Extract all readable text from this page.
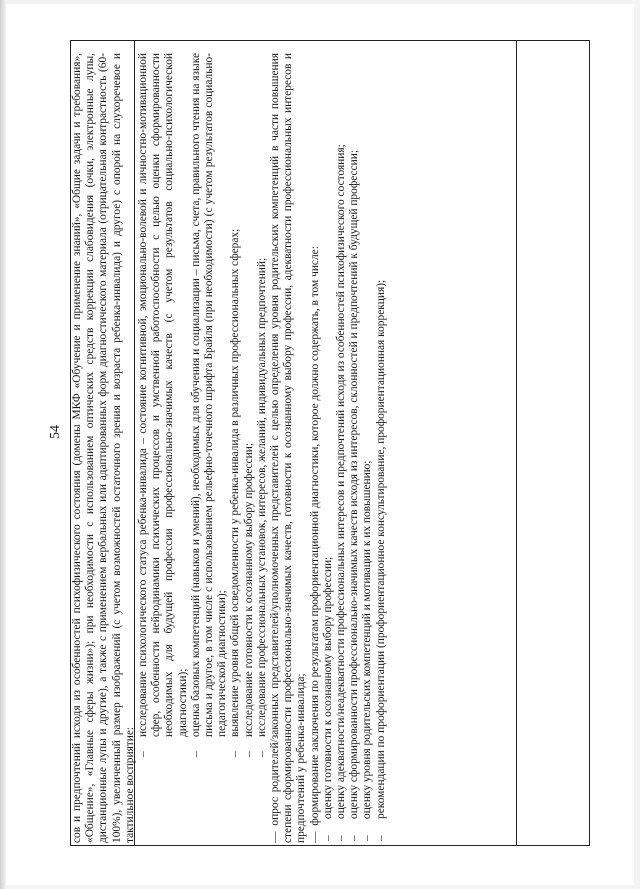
54 сов и предпочтений исходя из особенностей психофизического состояния (домены МКФ «Обучение и применение знаний», «Общие задачи и требования», «Общение», «Главные сферы жизни»); при необходимости с использованием оптических средств коррекции слабовидения (очки, электронные лупы, дистанционные лупы и другие), а также с применением вербальных или адаптированных форм диагностического материала (отрицательная контрастность (60-100%), увеличенный размер изображений (с учетом возможностей остаточного зрения и возраста ребенка-инвалида) и другое) с опорой на слухоречевое и тактильное восприятие: –
исследование психологического статуса ребенка-инвалида – состояние когнитивной, эмоционально-волевой и личностно-мотивационной сфер, особенности нейродинамики психических процессов и умственной работоспособности с целью оценки сформированности необходимых для будущей профессии профессионально-значимых качеств (с учетом результатов социально-психологической диагностики);

–
оценка базовых компетенций (навыков и умений), необходимых для обучения и социализации – письма, счета, правильного чтения на языке письма и другое, в том числе с использованием рельефно-точечного шрифта Брайля (при необходимости) (с учетом результатов социально-педагогической диагностики);

–
выявление уровня общей осведомленности у ребенка-инвалида в различных профессиональных сферах;

–
исследование готовности к осознанному выбору профессии;

–
исследование профессиональных установок, интересов, желаний, индивидуальных предпочтений;

—опрос родителей/законных представителей/уполномоченных представителей с целью определения уровня родительских компетенций в части повышения степени сформированности профессионально-значимых качеств, готовности к осознанному выбору профессии, адекватности профессиональных интересов и предпочтений у ребенка-инвалида; —формирование заключения по результатам профориентационной диагностики, которое должно содержать, в том числе:

–
оценку готовности к осознанному выбору профессии;

–
оценку адекватности/неадекватности профессиональных интересов и предпочтений исходя из особенностей психофизического состояния;

–
оценку сформированности профессионально-значимых качеств исходя из интересов, склонностей и предпочтений к будущей профессии;

–
оценку уровня родительских компетенций и мотивации к их повышению;

–
рекомендации по профориентации (профориентационное консультирование, профориентационная коррекция);
